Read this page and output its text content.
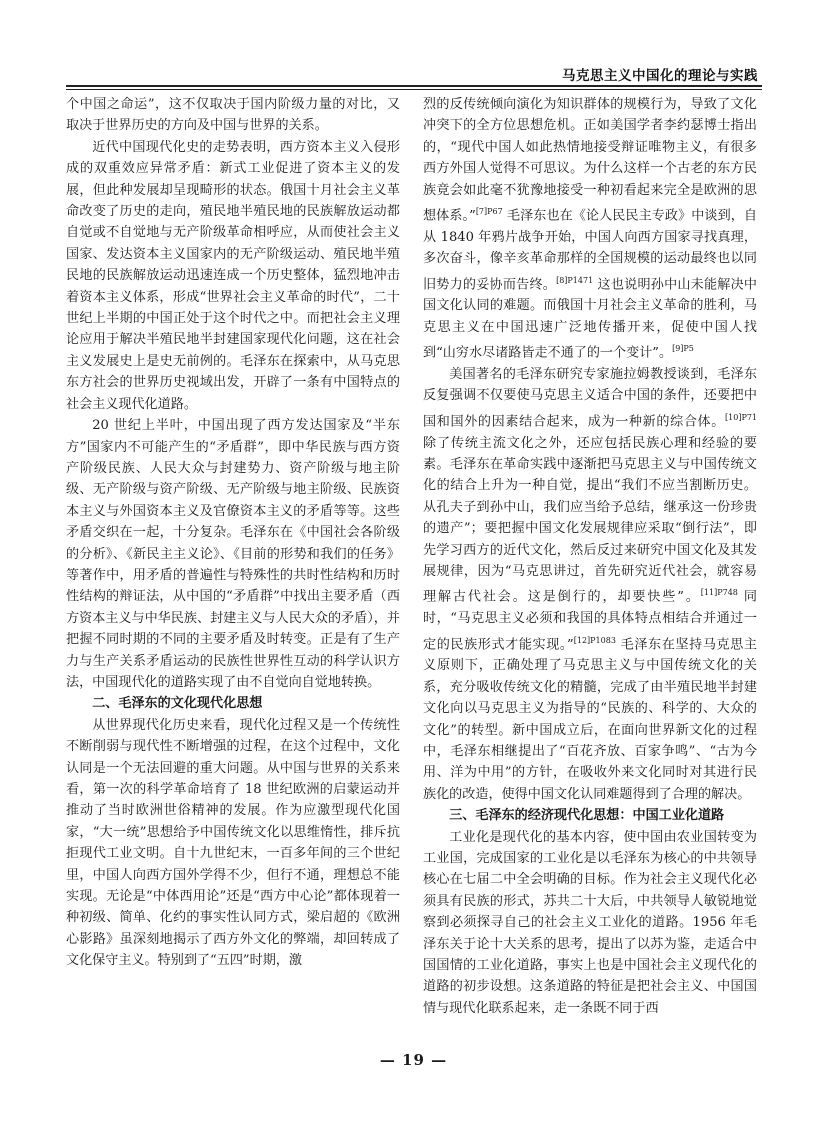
马克思主义中国化的理论与实践

个中国之命运”，这不仅取决于国内阶级力量的对比，又取决于世界历史的方向及中国与世界的关系。

近代中国现代化史的走势表明，西方资本主义入侵形成的双重效应异常矛盾：新式工业促进了资本主义的发展，但此种发展却呈现畸形的状态。俄国十月社会主义革命改变了历史的走向，殖民地半殖民地的民族解放运动都自觉或不自觉地与无产阶级革命相呼应，从而使社会主义国家、发达资本主义国家内的无产阶级运动、殖民地半殖民地的民族解放运动迅速连成一个历史整体，猛烈地冲击着资本主义体系，形成“世界社会主义革命的时代”，二十世纪上半期的中国正处于这个时代之中。而把社会主义理论应用于解决半殖民地半封建国家现代化问题，这在社会主义发展史上是史无前例的。毛泽东在探索中，从马克思东方社会的世界历史视域出发，开辟了一条有中国特点的社会主义现代化道路。

20 世纪上半叶，中国出现了西方发达国家及“半东方”国家内不可能产生的“矛盾群”，即中华民族与西方资产阶级民族、人民大众与封建势力、资产阶级与地主阶级、无产阶级与资产阶级、无产阶级与地主阶级、民族资本主义与外国资本主义及官僚资本主义的矛盾等等。这些矛盾交织在一起，十分复杂。毛泽东在《中国社会各阶级的分析》、《新民主主义论》、《目前的形势和我们的任务》等著作中，用矛盾的普遍性与特殊性的共时性结构和历时性结构的辩证法，从中国的“矛盾群”中找出主要矛盾（西方资本主义与中华民族、封建主义与人民大众的矛盾），并把握不同时期的不同的主要矛盾及时转变。正是有了生产力与生产关系矛盾运动的民族性世界性互动的科学认识方法，中国现代化的道路实现了由不自觉向自觉地转换。

二、毛泽东的文化现代化思想

从世界现代化历史来看，现代化过程又是一个传统性不断削弱与现代性不断增强的过程，在这个过程中，文化认同是一个无法回避的重大问题。从中国与世界的关系来看，第一次的科学革命培育了 18 世纪欧洲的启蒙运动并推动了当时欧洲世俗精神的发展。作为应激型现代化国家，“大一统”思想给予中国传统文化以思维惰性，排斥抗拒现代工业文明。自十九世纪末，一百多年间的三个世纪里，中国人向西方国外学得不少，但行不通，理想总不能实现。无论是“中体西用论”还是“西方中心论”都体现着一种初级、简单、化约的事实性认同方式，梁启超的《欧洲心影路》虽深刻地揭示了西方外文化的弊端，却回转成了文化保守主义。特别到了“五四”时期，激

烈的反传统倾向演化为知识群体的规模行为，导致了文化冲突下的全方位思想危机。正如美国学者李约瑟博士指出的，“现代中国人如此热情地接受辩证唯物主义，有很多西方外国人觉得不可思议。为什么这样一个古老的东方民族竟会如此毫不犹豫地接受一种初看起来完全是欧洲的思想体系。”$^{[7]P67}$ 毛泽东也在《论人民民主专政》中谈到，自从 1840 年鸦片战争开始，中国人向西方国家寻找真理，多次奋斗，像辛亥革命那样的全国规模的运动最终也以同旧势力的妥协而告终。$^{[8]P1471}$ 这也说明孙中山未能解决中国文化认同的难题。而俄国十月社会主义革命的胜利，马克思主义在中国迅速广泛地传播开来，促使中国人找到“山穷水尽诸路皆走不通了的一个变计”。$^{[9]P5}$

美国著名的毛泽东研究专家施拉姆教授谈到，毛泽东反复强调不仅要使马克思主义适合中国的条件，还要把中国和国外的因素结合起来，成为一种新的综合体。$^{[10]P71}$ 除了传统主流文化之外，还应包括民族心理和经验的要素。毛泽东在革命实践中逐渐把马克思主义与中国传统文化的结合上升为一种自觉，提出“我们不应当割断历史。从孔夫子到孙中山，我们应当给予总结，继承这一份珍贵的遗产”；要把握中国文化发展规律应采取“倒行法”，即先学习西方的近代文化，然后反过来研究中国文化及其发展规律，因为“马克思讲过，首先研究近代社会，就容易理解古代社会。这是倒行的，却要快些”。$^{[11]P748}$ 同时，“马克思主义必须和我国的具体特点相结合并通过一定的民族形式才能实现。”$^{[12]P1083}$ 毛泽东在坚持马克思主义原则下，正确处理了马克思主义与中国传统文化的关系，充分吸收传统文化的精髓，完成了由半殖民地半封建文化向以马克思主义为指导的“民族的、科学的、大众的文化”的转型。新中国成立后，在面向世界新文化的过程中，毛泽东相继提出了“百花齐放、百家争鸣”、“古为今用、洋为中用”的方针，在吸收外来文化同时对其进行民族化的改造，使得中国文化认同难题得到了合理的解决。

三、毛泽东的经济现代化思想：中国工业化道路

工业化是现代化的基本内容，使中国由农业国转变为工业国，完成国家的工业化是以毛泽东为核心的中共领导核心在七届二中全会明确的目标。作为社会主义现代化必须具有民族的形式，苏共二十大后，中共领导人敏锐地觉察到必须探寻自己的社会主义工业化的道路。1956 年毛泽东关于论十大关系的思考，提出了以苏为鉴，走适合中国国情的工业化道路，事实上也是中国社会主义现代化的道路的初步设想。这条道路的特征是把社会主义、中国国情与现代化联系起来，走一条既不同于西

— 19 —
